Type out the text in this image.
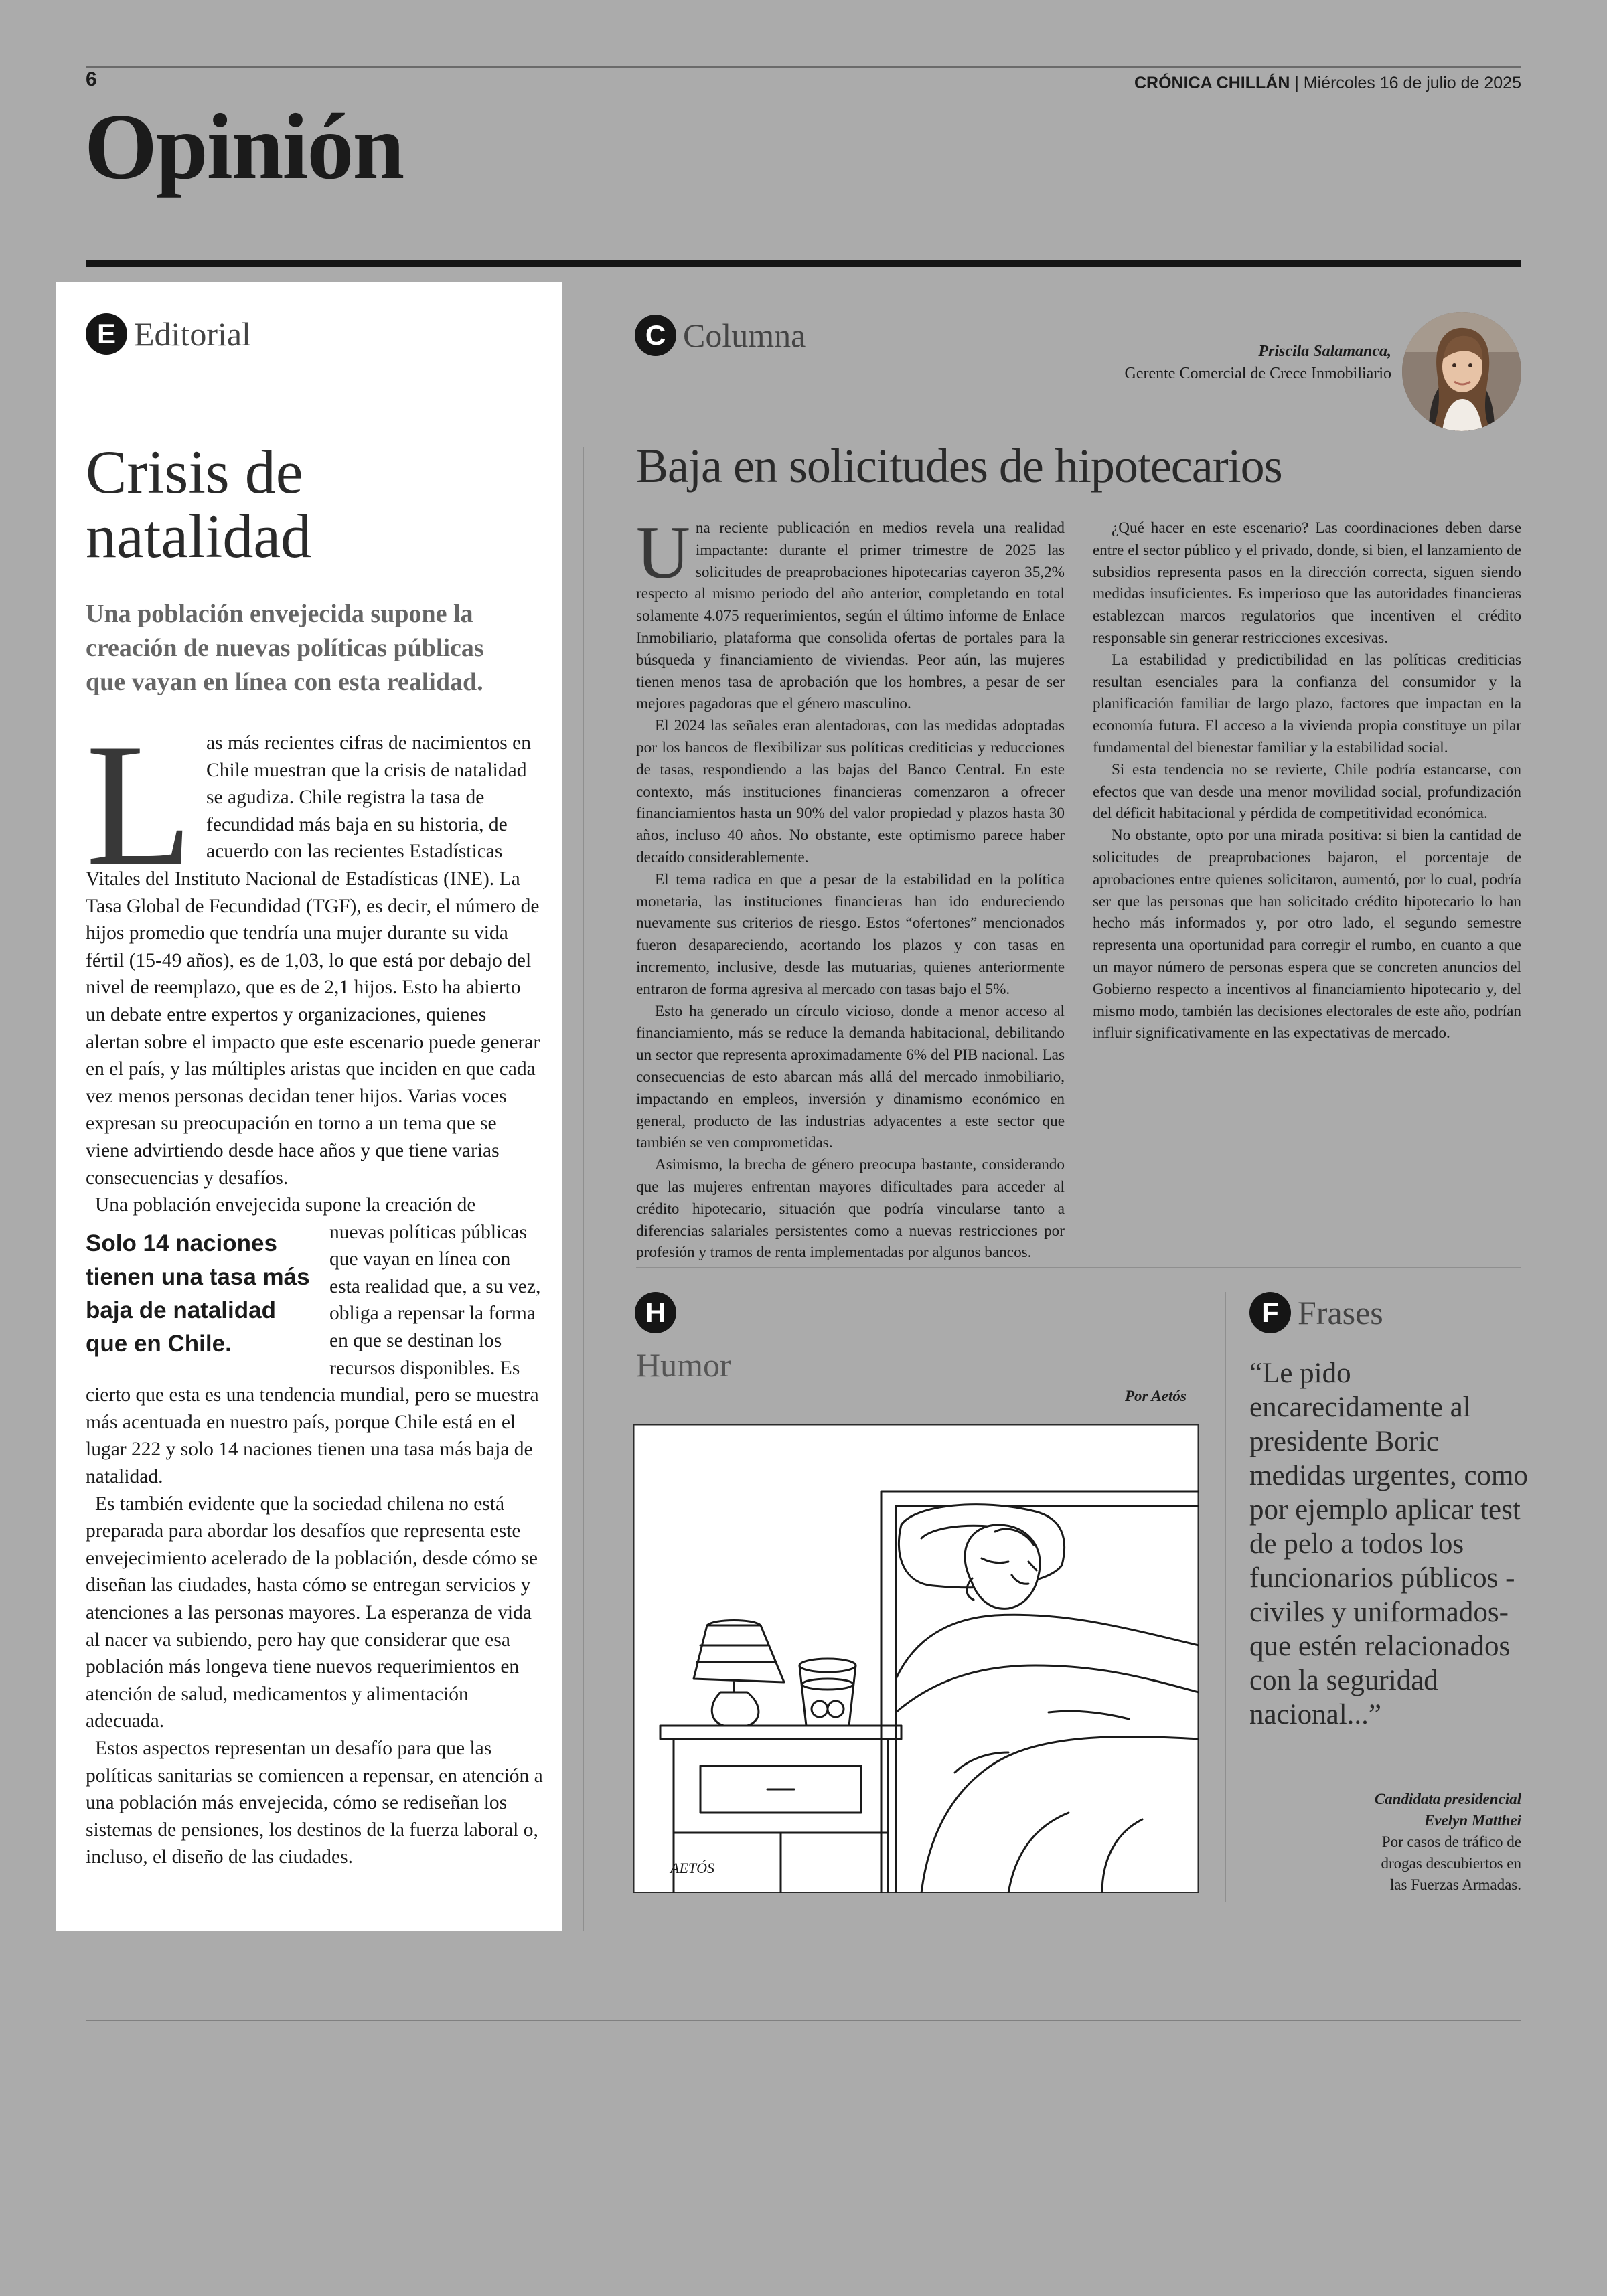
6	CRÓNICA CHILLÁN | Miércoles 16 de julio de 2025
Opinión
E Editorial
Crisis de
natalidad
Una población envejecida supone la creación de nuevas políticas públicas que vayan en línea con esta realidad.

Las más recientes cifras de nacimientos en Chile muestran que la crisis de natalidad se agudiza. Chile registra la tasa de fecundidad más baja en su historia, de acuerdo con las recientes Estadísticas Vitales del Instituto Nacional de Estadísticas (INE). La Tasa Global de Fecundidad (TGF), es decir, el número de hijos promedio que tendría una mujer durante su vida fértil (15-49 años), es de 1,03, lo que está por debajo del nivel de reemplazo, que es de 2,1 hijos. Esto ha abierto un debate entre expertos y organizaciones, quienes alertan sobre el impacto que este escenario puede generar en el país, y las múltiples aristas que inciden en que cada vez menos personas decidan tener hijos. Varias voces expresan su preocupación en torno a un tema que se viene advirtiendo desde hace años y que tiene varias consecuencias y desafíos.

Una población envejecida supone la creación de

Solo 14 naciones tienen una tasa más baja de natalidad que en Chile.

nuevas políticas públicas que vayan en línea con esta realidad que, a su vez, obliga a repensar la forma en que se destinan los recursos disponibles. Es cierto que esta es una tendencia mundial, pero se muestra más acentuada en nuestro país, porque Chile está en el lugar 222 y solo 14 naciones tienen una tasa más baja de natalidad.

Es también evidente que la sociedad chilena no está preparada para abordar los desafíos que representa este envejecimiento acelerado de la población, desde cómo se diseñan las ciudades, hasta cómo se entregan servicios y atenciones a las personas mayores. La esperanza de vida al nacer va subiendo, pero hay que considerar que esa población más longeva tiene nuevos requerimientos en atención de salud, medicamentos y alimentación adecuada.

Estos aspectos representan un desafío para que las políticas sanitarias se comiencen a repensar, en atención a una población más envejecida, cómo se rediseñan los sistemas de pensiones, los destinos de la fuerza laboral o, incluso, el diseño de las ciudades.

C Columna	Priscila Salamanca,
Gerente Comercial de Crece Inmobiliario
Baja en solicitudes de hipotecarios

Una reciente publicación en medios revela una realidad impactante: durante el primer trimestre de 2025 las solicitudes de preaprobaciones hipotecarias cayeron 35,2% respecto al mismo periodo del año anterior, completando en total solamente 4.075 requerimientos, según el último informe de Enlace Inmobiliario, plataforma que consolida ofertas de portales para la búsqueda y financiamiento de viviendas. Peor aún, las mujeres tienen menos tasa de aprobación que los hombres, a pesar de ser mejores pagadoras que el género masculino.

El 2024 las señales eran alentadoras, con las medidas adoptadas por los bancos de flexibilizar sus políticas crediticias y reducciones de tasas, respondiendo a las bajas del Banco Central. En este contexto, más instituciones financieras comenzaron a ofrecer financiamientos hasta un 90% del valor propiedad y plazos hasta 30 años, incluso 40 años. No obstante, este optimismo parece haber decaído considerablemente.

El tema radica en que a pesar de la estabilidad en la política monetaria, las instituciones financieras han ido endureciendo nuevamente sus criterios de riesgo. Estos “ofertones” mencionados fueron desapareciendo, acortando los plazos y con tasas en incremento, inclusive, desde las mutuarias, quienes anteriormente entraron de forma agresiva al mercado con tasas bajo el 5%.

Esto ha generado un círculo vicioso, donde a menor acceso al financiamiento, más se reduce la demanda habitacional, debilitando un sector que representa aproximadamente 6% del PIB nacional. Las consecuencias de esto abarcan más allá del mercado inmobiliario, impactando en empleos, inversión y dinamismo económico en general, producto de las industrias adyacentes a este sector que también se ven comprometidas.

Asimismo, la brecha de género preocupa bastante, considerando que las mujeres enfrentan mayores dificultades para acceder al crédito hipotecario, situación que podría vincularse tanto a diferencias salariales persistentes como a nuevas restricciones por profesión y tramos de renta implementadas por algunos bancos.

¿Qué hacer en este escenario? Las coordinaciones deben darse entre el sector público y el privado, donde, si bien, el lanzamiento de subsidios representa pasos en la dirección correcta, siguen siendo medidas insuficientes. Es imperioso que las autoridades financieras establezcan marcos regulatorios que incentiven el crédito responsable sin generar restricciones excesivas.

La estabilidad y predictibilidad en las políticas crediticias resultan esenciales para la confianza del consumidor y la planificación familiar de largo plazo, factores que impactan en la economía futura. El acceso a la vivienda propia constituye un pilar fundamental del bienestar familiar y la estabilidad social.

Si esta tendencia no se revierte, Chile podría estancarse, con efectos que van desde una menor movilidad social, profundización del déficit habitacional y pérdida de competitividad económica.

No obstante, opto por una mirada positiva: si bien la cantidad de solicitudes de preaprobaciones bajaron, el porcentaje de aprobaciones entre quienes solicitaron, aumentó, por lo cual, podría ser que las personas que han solicitado crédito hipotecario lo han hecho más informados y, por otro lado, el segundo semestre representa una oportunidad para corregir el rumbo, en cuanto a que un mayor número de personas espera que se concreten anuncios del Gobierno respecto a incentivos al financiamiento hipotecario y, del mismo modo, también las decisiones electorales de este año, podrían influir significativamente en las expectativas de mercado.

H
Humor
Por Aetós
AETÓS
F Frases
“Le pido encarecidamente al presidente Boric medidas urgentes, como por ejemplo aplicar test de pelo a todos los funcionarios públicos -civiles y uniformados- que estén relacionados con la seguridad nacional...”
Candidata presidencial
Evelyn Matthei
Por casos de tráfico de
drogas descubiertos en
las Fuerzas Armadas.
